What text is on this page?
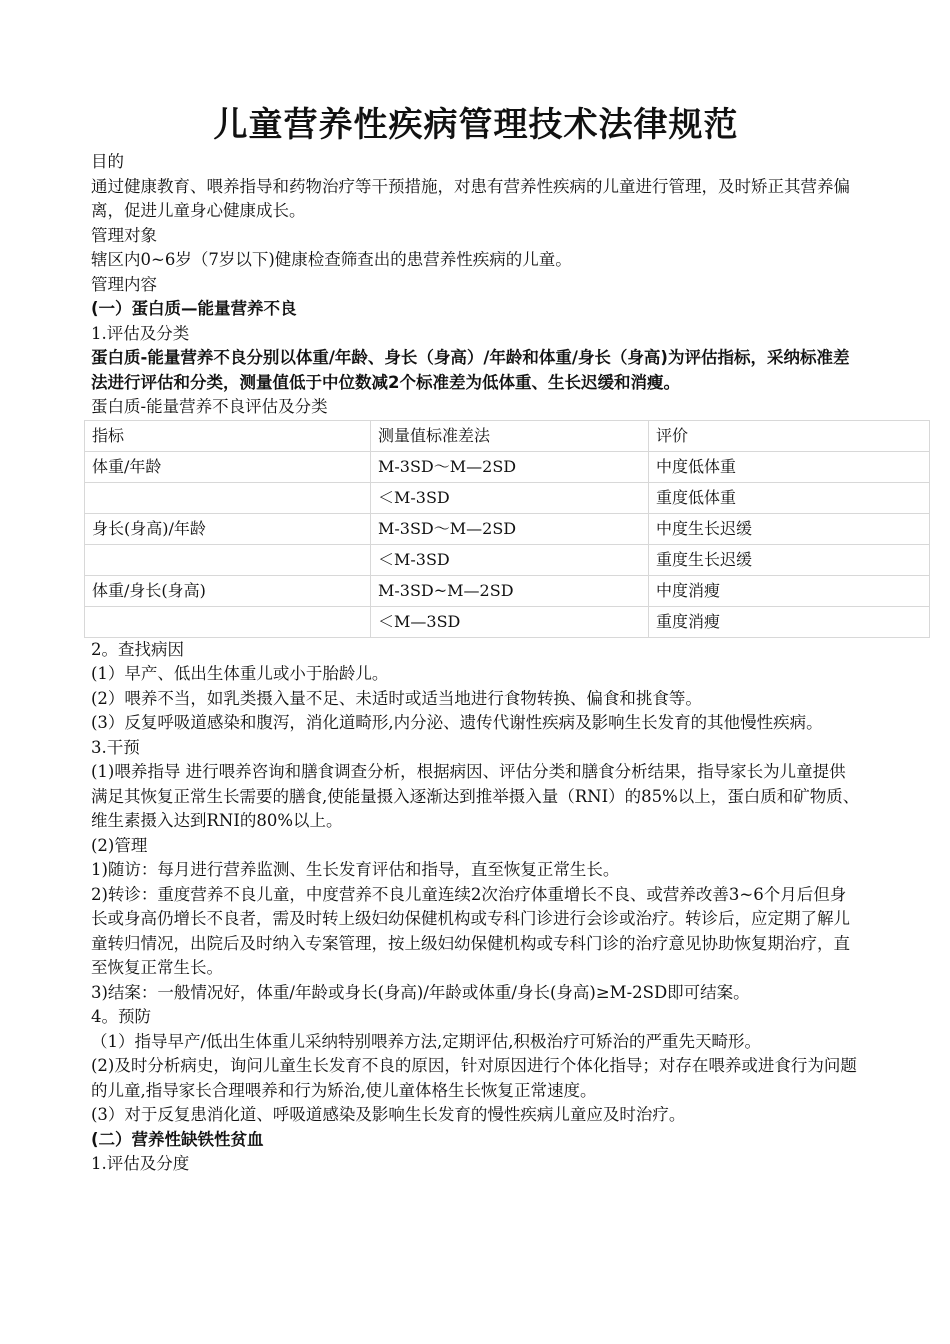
儿童营养性疾病管理技术法律规范

目的

通过健康教育、喂养指导和药物治疗等干预措施，对患有营养性疾病的儿童进行管理，及时矫正其营养偏离，促进儿童身心健康成长。

管理对象

辖区内0~6岁（7岁以下)健康检查筛查出的患营养性疾病的儿童。

管理内容

(一）蛋白质—能量营养不良

1.评估及分类

蛋白质-能量营养不良分别以体重/年龄、身长（身高）/年龄和体重/身长（身高)为评估指标，采纳标准差法进行评估和分类，测量值低于中位数减2个标准差为低体重、生长迟缓和消瘦。

蛋白质-能量营养不良评估及分类

指标	测量值标准差法	评价
体重/年龄	M-3SD～M—2SD	中度低体重
	＜M-3SD	重度低体重
身长(身高)/年龄	M-3SD～M—2SD	中度生长迟缓
	＜M-3SD	重度生长迟缓
体重/身长(身高)	M-3SD~M—2SD	中度消瘦
	＜M—3SD	重度消瘦

2。查找病因

(1）早产、低出生体重儿或小于胎龄儿。

(2）喂养不当，如乳类摄入量不足、未适时或适当地进行食物转换、偏食和挑食等。

(3）反复呼吸道感染和腹泻，消化道畸形,内分泌、遗传代谢性疾病及影响生长发育的其他慢性疾病。

3.干预

(1)喂养指导 进行喂养咨询和膳食调查分析，根据病因、评估分类和膳食分析结果，指导家长为儿童提供满足其恢复正常生长需要的膳食,使能量摄入逐渐达到推举摄入量（RNI）的85%以上，蛋白质和矿物质、维生素摄入达到RNI的80%以上。

(2)管理

1)随访：每月进行营养监测、生长发育评估和指导，直至恢复正常生长。

2)转诊：重度营养不良儿童，中度营养不良儿童连续2次治疗体重增长不良、或营养改善3~6个月后但身长或身高仍增长不良者，需及时转上级妇幼保健机构或专科门诊进行会诊或治疗。转诊后，应定期了解儿童转归情况，出院后及时纳入专案管理，按上级妇幼保健机构或专科门诊的治疗意见协助恢复期治疗，直至恢复正常生长。

3)结案：一般情况好，体重/年龄或身长(身高)/年龄或体重/身长(身高)≥M-2SD即可结案。

4。预防

（1）指导早产/低出生体重儿采纳特别喂养方法,定期评估,积极治疗可矫治的严重先天畸形。

(2)及时分析病史，询问儿童生长发育不良的原因，针对原因进行个体化指导；对存在喂养或进食行为问题的儿童,指导家长合理喂养和行为矫治,使儿童体格生长恢复正常速度。

(3）对于反复患消化道、呼吸道感染及影响生长发育的慢性疾病儿童应及时治疗。

(二）营养性缺铁性贫血

1.评估及分度
